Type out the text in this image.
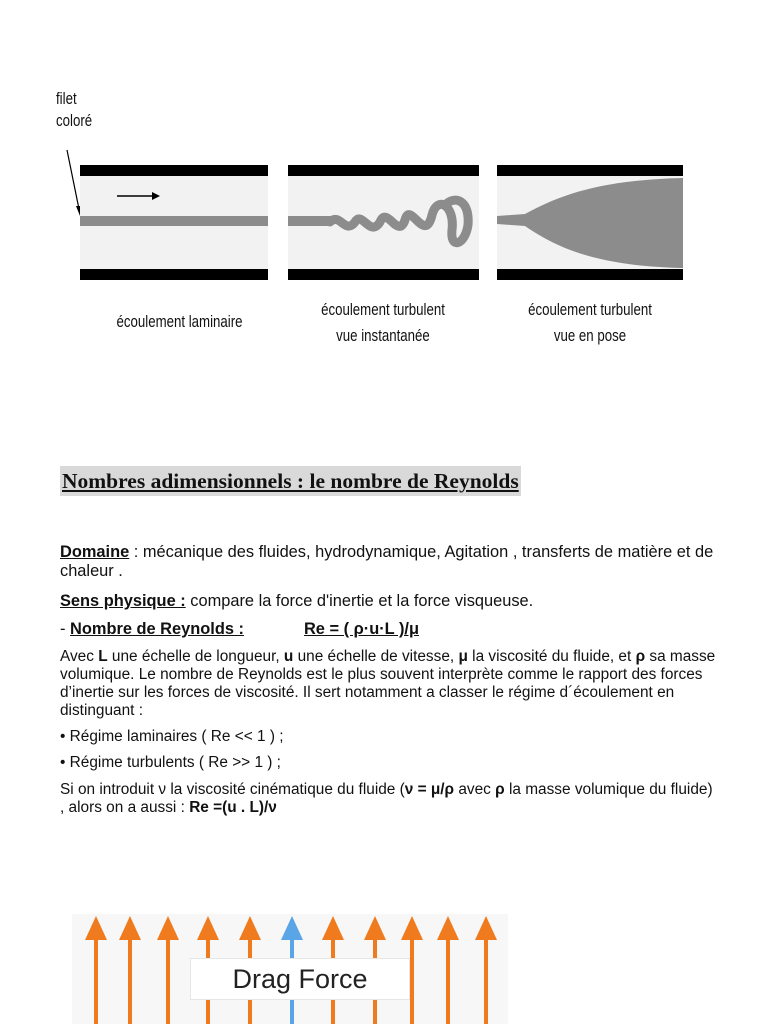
filet
coloré
écoulement laminaire
écoulement turbulent
vue instantanée
écoulement turbulent
vue en pose
Nombres adimensionnels : le nombre de Reynolds
Domaine : mécanique des fluides, hydrodynamique, Agitation , transferts de matière et de chaleur .
Sens physique : compare la force d'inertie et la force visqueuse.
- Nombre de Reynolds :	Re = ( ρ·u·L )/μ
Avec L une échelle de longueur, u une échelle de vitesse, μ la viscosité du fluide, et ρ sa masse volumique. Le nombre de Reynolds est le plus souvent interprète comme le rapport des forces d’inertie sur les forces de viscosité. Il sert notamment a classer le régime d´écoulement en distinguant :
• Régime laminaires ( Re << 1 ) ;
• Régime turbulents ( Re >> 1 ) ;
Si on introduit ν la viscosité cinématique du fluide (ν = μ/ρ avec ρ la masse volumique du fluide) , alors on a aussi : Re =(u . L)/ν
Drag Force
